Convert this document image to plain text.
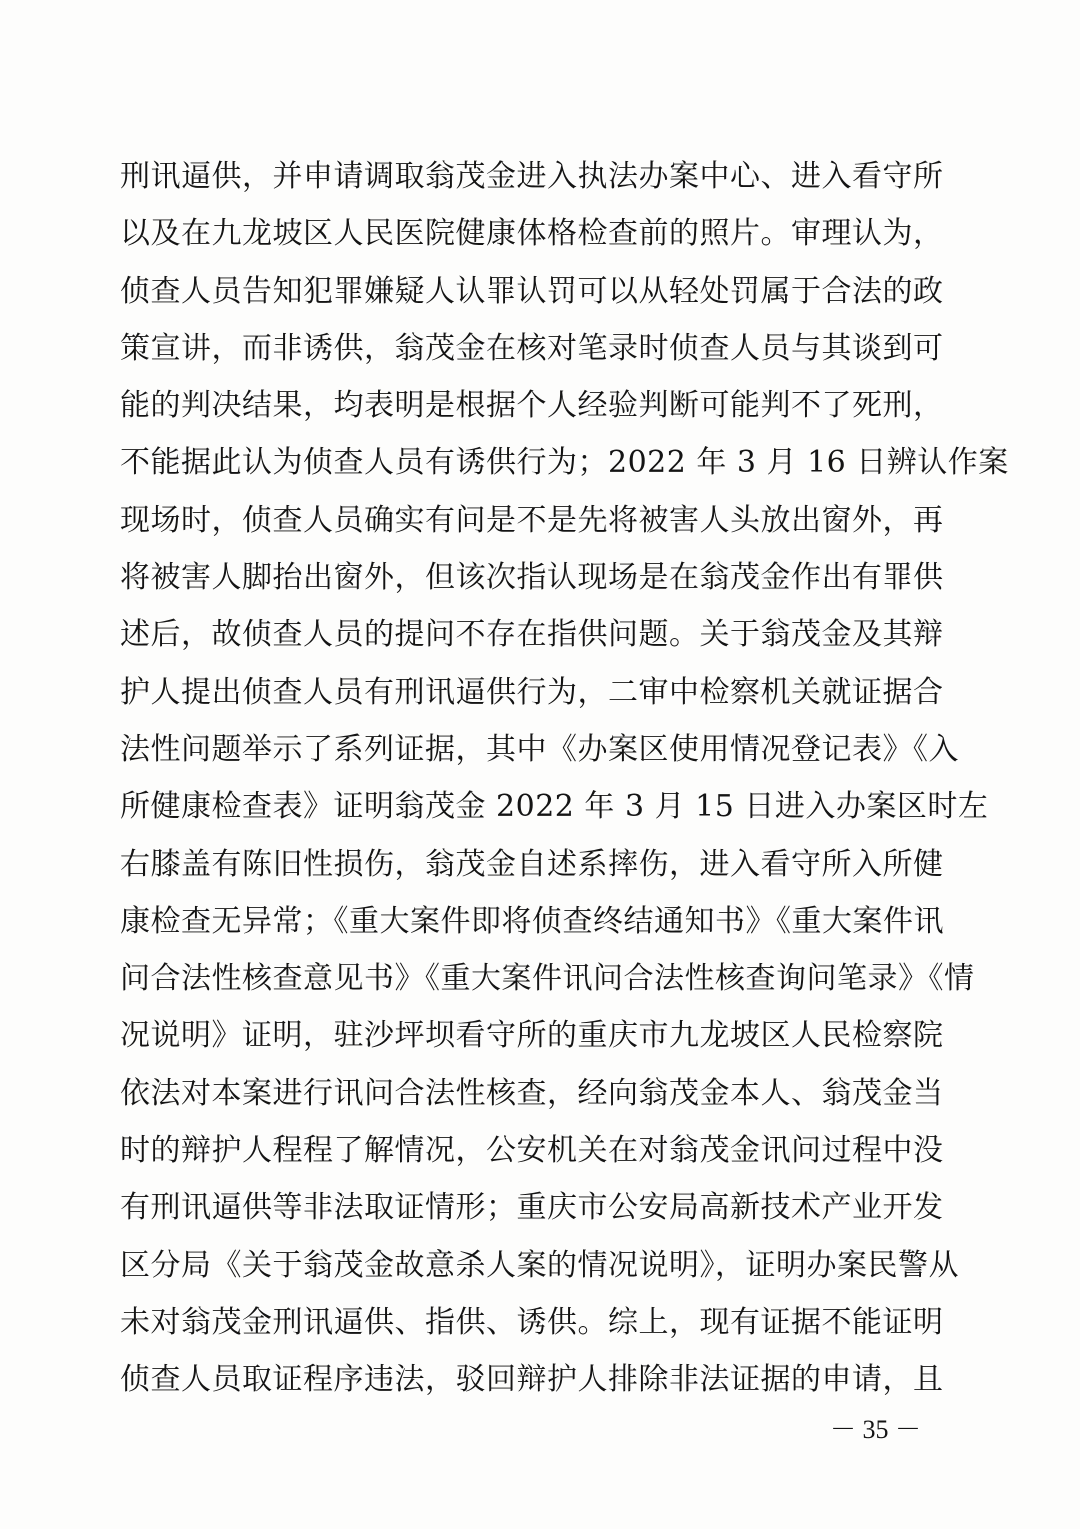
刑讯逼供，并申请调取翁茂金进入执法办案中心、进入看守所
以及在九龙坡区人民医院健康体格检查前的照片。审理认为，
侦查人员告知犯罪嫌疑人认罪认罚可以从轻处罚属于合法的政
策宣讲，而非诱供，翁茂金在核对笔录时侦查人员与其谈到可
能的判决结果，均表明是根据个人经验判断可能判不了死刑，
不能据此认为侦查人员有诱供行为；2022 年 3 月 16 日辨认作案
现场时，侦查人员确实有问是不是先将被害人头放出窗外，再
将被害人脚抬出窗外，但该次指认现场是在翁茂金作出有罪供
述后，故侦查人员的提问不存在指供问题。关于翁茂金及其辩
护人提出侦查人员有刑讯逼供行为，二审中检察机关就证据合
法性问题举示了系列证据，其中《办案区使用情况登记表》《入
所健康检查表》证明翁茂金 2022 年 3 月 15 日进入办案区时左
右膝盖有陈旧性损伤，翁茂金自述系摔伤，进入看守所入所健
康检查无异常；《重大案件即将侦查终结通知书》《重大案件讯
问合法性核查意见书》《重大案件讯问合法性核查询问笔录》《情
况说明》证明，驻沙坪坝看守所的重庆市九龙坡区人民检察院
依法对本案进行讯问合法性核查，经向翁茂金本人、翁茂金当
时的辩护人程程了解情况，公安机关在对翁茂金讯问过程中没
有刑讯逼供等非法取证情形；重庆市公安局高新技术产业开发
区分局《关于翁茂金故意杀人案的情况说明》，证明办案民警从
未对翁茂金刑讯逼供、指供、诱供。综上，现有证据不能证明
侦查人员取证程序违法，驳回辩护人排除非法证据的申请，且
－ 35 －
